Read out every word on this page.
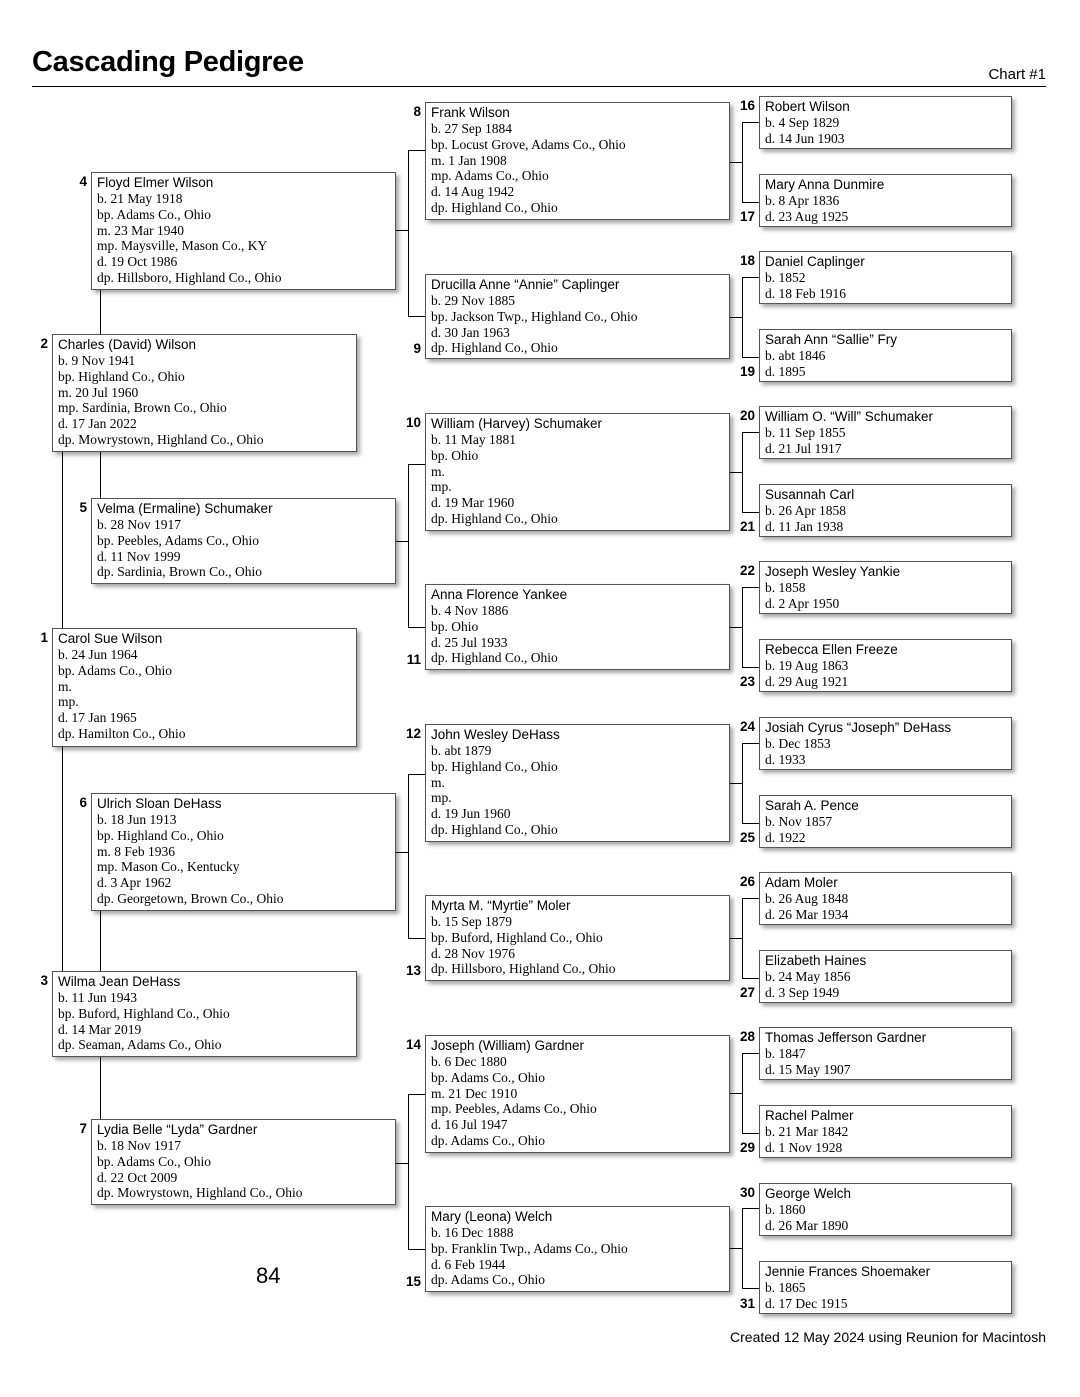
Cascading Pedigree	Chart #1
Carol Sue Wilson
b. 24 Jun 1964
bp. Adams Co., Ohio
m.
mp.
d. 17 Jan 1965
dp. Hamilton Co., Ohio
1
Charles (David) Wilson
b. 9 Nov 1941
bp. Highland Co., Ohio
m. 20 Jul 1960
mp. Sardinia, Brown Co., Ohio
d. 17 Jan 2022
dp. Mowrystown, Highland Co., Ohio
2
Wilma Jean DeHass
b. 11 Jun 1943
bp. Buford, Highland Co., Ohio
d. 14 Mar 2019
dp. Seaman, Adams Co., Ohio
3
Floyd Elmer Wilson
b. 21 May 1918
bp. Adams Co., Ohio
m. 23 Mar 1940
mp. Maysville, Mason Co., KY
d. 19 Oct 1986
dp. Hillsboro, Highland Co., Ohio
4
Velma (Ermaline) Schumaker
b. 28 Nov 1917
bp. Peebles, Adams Co., Ohio
d. 11 Nov 1999
dp. Sardinia, Brown Co., Ohio
5
Ulrich Sloan DeHass
b. 18 Jun 1913
bp. Highland Co., Ohio
m. 8 Feb 1936
mp. Mason Co., Kentucky
d. 3 Apr 1962
dp. Georgetown, Brown Co., Ohio
6
Lydia Belle “Lyda” Gardner
b. 18 Nov 1917
bp. Adams Co., Ohio
d. 22 Oct 2009
dp. Mowrystown, Highland Co., Ohio
7
Frank Wilson
b. 27 Sep 1884
bp. Locust Grove, Adams Co., Ohio
m. 1 Jan 1908
mp. Adams Co., Ohio
d. 14 Aug 1942
dp. Highland Co., Ohio
8
Drucilla Anne “Annie” Caplinger
b. 29 Nov 1885
bp. Jackson Twp., Highland Co., Ohio
d. 30 Jan 1963
dp. Highland Co., Ohio
9
William (Harvey) Schumaker
b. 11 May 1881
bp. Ohio
m.
mp.
d. 19 Mar 1960
dp. Highland Co., Ohio
10
Anna Florence Yankee
b. 4 Nov 1886
bp. Ohio
d. 25 Jul 1933
dp. Highland Co., Ohio
11
John Wesley DeHass
b. abt 1879
bp. Highland Co., Ohio
m.
mp.
d. 19 Jun 1960
dp. Highland Co., Ohio
12
Myrta M. “Myrtie” Moler
b. 15 Sep 1879
bp. Buford, Highland Co., Ohio
d. 28 Nov 1976
dp. Hillsboro, Highland Co., Ohio
13
Joseph (William) Gardner
b. 6 Dec 1880
bp. Adams Co., Ohio
m. 21 Dec 1910
mp. Peebles, Adams Co., Ohio
d. 16 Jul 1947
dp. Adams Co., Ohio
14
Mary (Leona) Welch
b. 16 Dec 1888
bp. Franklin Twp., Adams Co., Ohio
d. 6 Feb 1944
dp. Adams Co., Ohio
15
Robert Wilson
b. 4 Sep 1829
d. 14 Jun 1903
16
Mary Anna Dunmire
b. 8 Apr 1836
d. 23 Aug 1925
17
Daniel Caplinger
b. 1852
d. 18 Feb 1916
18
Sarah Ann “Sallie” Fry
b. abt 1846
d. 1895
19
William O. “Will” Schumaker
b. 11 Sep 1855
d. 21 Jul 1917
20
Susannah Carl
b. 26 Apr 1858
d. 11 Jan 1938
21
Joseph Wesley Yankie
b. 1858
d. 2 Apr 1950
22
Rebecca Ellen Freeze
b. 19 Aug 1863
d. 29 Aug 1921
23
Josiah Cyrus “Joseph” DeHass
b. Dec 1853
d. 1933
24
Sarah A. Pence
b. Nov 1857
d. 1922
25
Adam Moler
b. 26 Aug 1848
d. 26 Mar 1934
26
Elizabeth Haines
b. 24 May 1856
d. 3 Sep 1949
27
Thomas Jefferson Gardner
b. 1847
d. 15 May 1907
28
Rachel Palmer
b. 21 Mar 1842
d. 1 Nov 1928
29
George Welch
b. 1860
d. 26 Mar 1890
30
Jennie Frances Shoemaker
b. 1865
d. 17 Dec 1915
31
84
Created 12 May 2024 using Reunion for Macintosh
